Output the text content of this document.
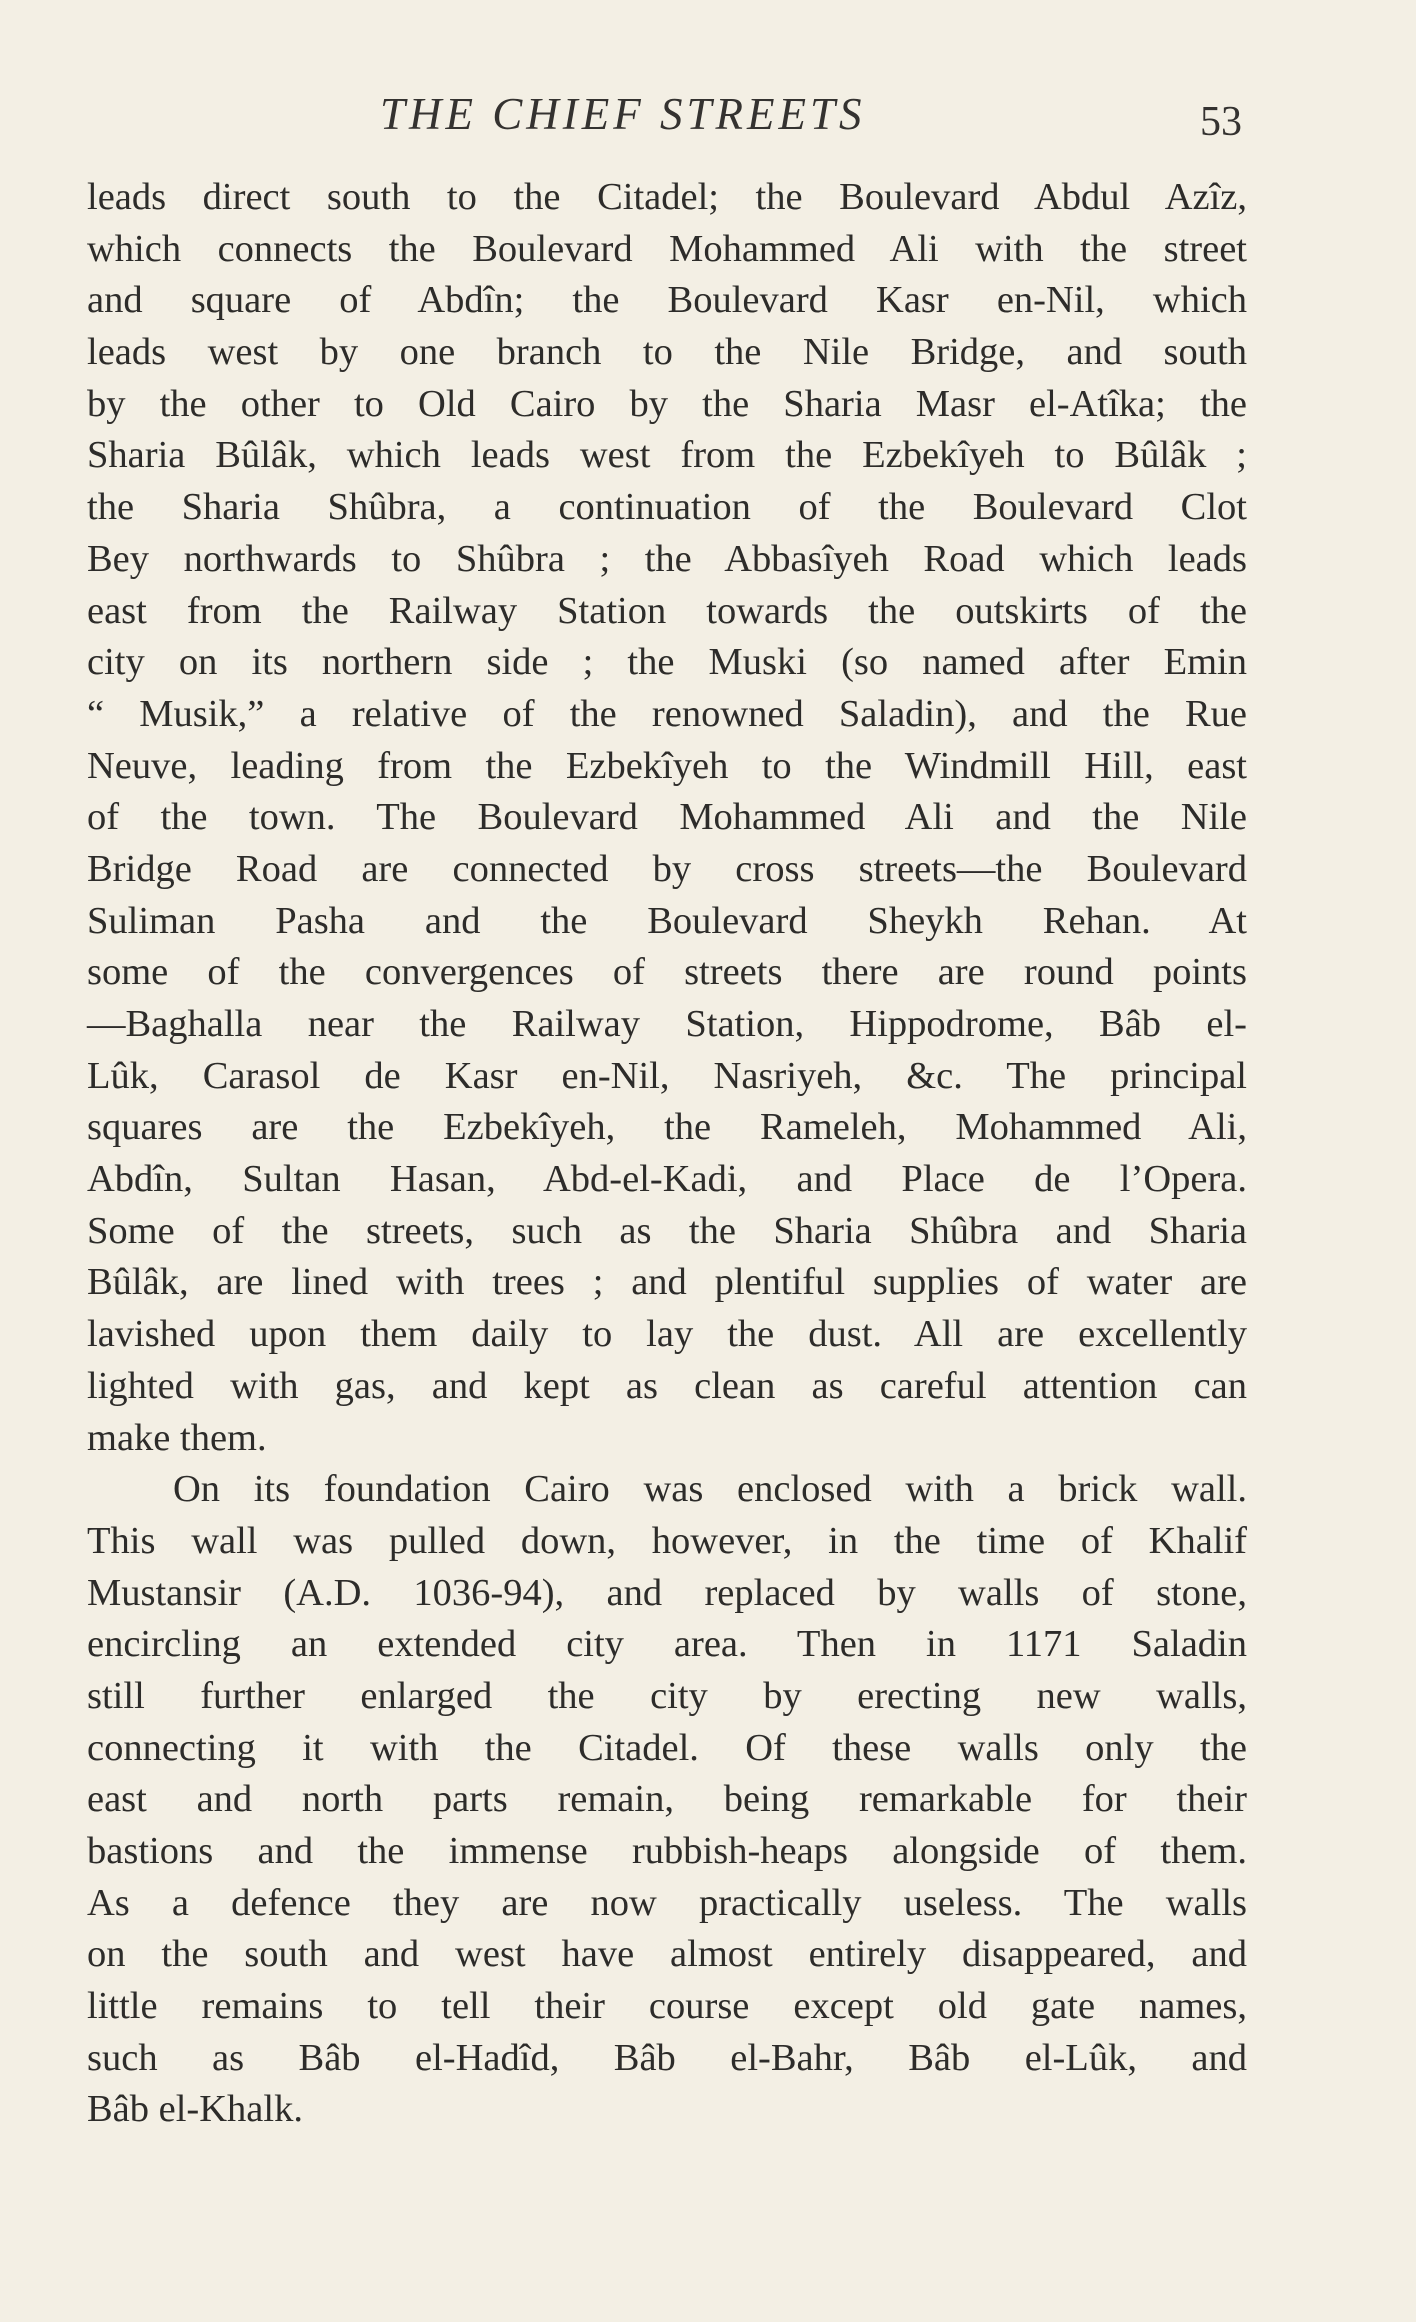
THE CHIEF STREETS	53
leads direct south to the Citadel; the Boulevard Abdul Azîz,
which connects the Boulevard Mohammed Ali with the street
and square of Abdîn; the Boulevard Kasr en-Nil, which
leads west by one branch to the Nile Bridge, and south
by the other to Old Cairo by the Sharia Masr el-Atîka; the
Sharia Bûlâk, which leads west from the Ezbekîyeh to Bûlâk ;
the Sharia Shûbra, a continuation of the Boulevard Clot
Bey northwards to Shûbra ; the Abbasîyeh Road which leads
east from the Railway Station towards the outskirts of the
city on its northern side ; the Muski (so named after Emin
“ Musik,” a relative of the renowned Saladin), and the Rue
Neuve, leading from the Ezbekîyeh to the Windmill Hill, east
of the town. The Boulevard Mohammed Ali and the Nile
Bridge Road are connected by cross streets—the Boulevard
Suliman Pasha and the Boulevard Sheykh Rehan. At
some of the convergences of streets there are round points
—Baghalla near the Railway Station, Hippodrome, Bâb el-
Lûk, Carasol de Kasr en-Nil, Nasriyeh, &c. The principal
squares are the Ezbekîyeh, the Rameleh, Mohammed Ali,
Abdîn, Sultan Hasan, Abd-el-Kadi, and Place de l’Opera.
Some of the streets, such as the Sharia Shûbra and Sharia
Bûlâk, are lined with trees ; and plentiful supplies of water are
lavished upon them daily to lay the dust. All are excellently
lighted with gas, and kept as clean as careful attention can
make them.
On its foundation Cairo was enclosed with a brick wall.
This wall was pulled down, however, in the time of Khalif
Mustansir (A.D. 1036-94), and replaced by walls of stone,
encircling an extended city area. Then in 1171 Saladin
still further enlarged the city by erecting new walls,
connecting it with the Citadel. Of these walls only the
east and north parts remain, being remarkable for their
bastions and the immense rubbish-heaps alongside of them.
As a defence they are now practically useless. The walls
on the south and west have almost entirely disappeared, and
little remains to tell their course except old gate names,
such as Bâb el-Hadîd, Bâb el-Bahr, Bâb el-Lûk, and
Bâb el-Khalk.
